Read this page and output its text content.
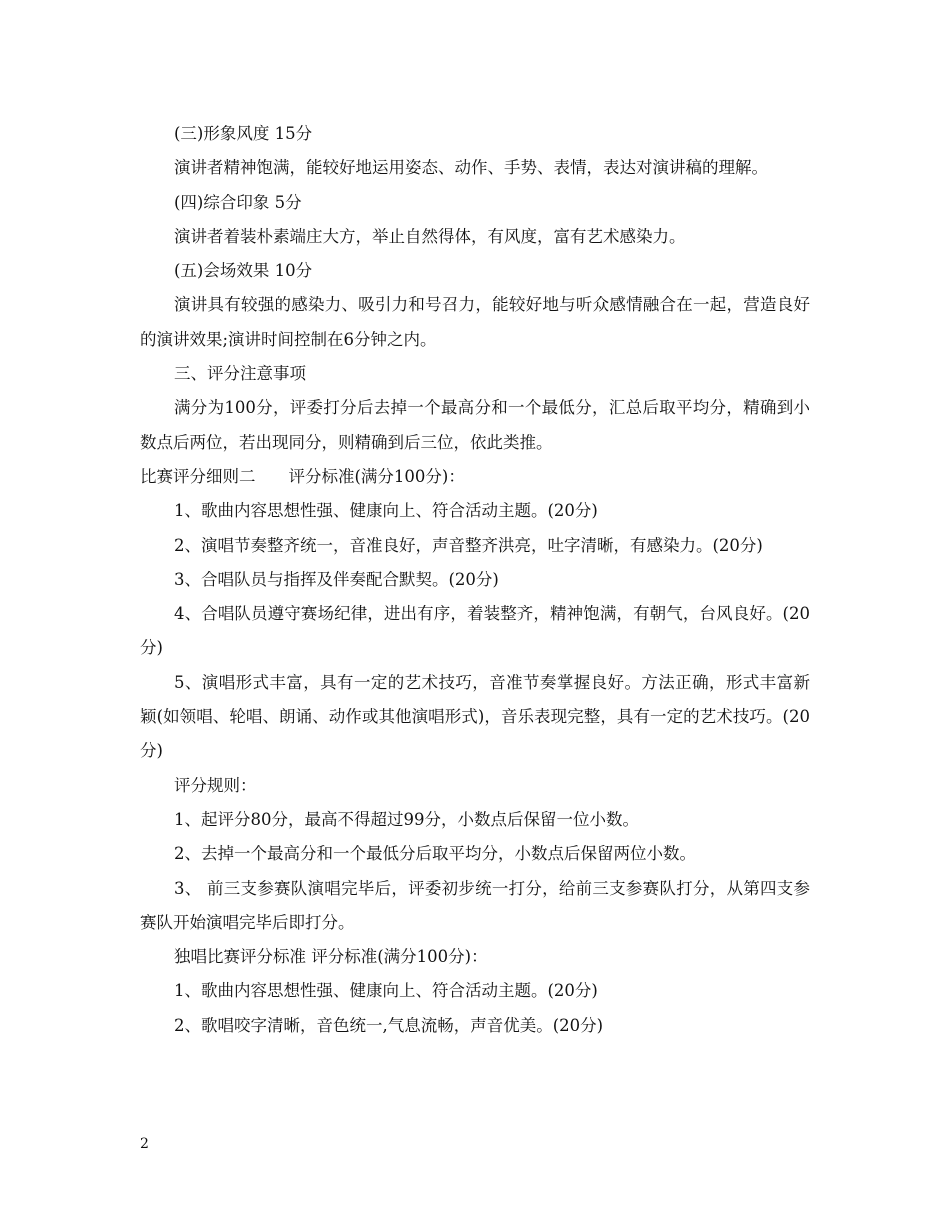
(三)形象风度 15分

演讲者精神饱满，能较好地运用姿态、动作、手势、表情，表达对演讲稿的理解。

(四)综合印象 5分

演讲者着装朴素端庄大方，举止自然得体，有风度，富有艺术感染力。

(五)会场效果 10分

演讲具有较强的感染力、吸引力和号召力，能较好地与听众感情融合在一起，营造良好的演讲效果;演讲时间控制在6分钟之内。

三、评分注意事项

满分为100分，评委打分后去掉一个最高分和一个最低分，汇总后取平均分，精确到小数点后两位，若出现同分，则精确到后三位，依此类推。

比赛评分细则二　　评分标准(满分100分)：

1、歌曲内容思想性强、健康向上、符合活动主题。(20分)

2、演唱节奏整齐统一，音准良好，声音整齐洪亮，吐字清晰，有感染力。(20分)

3、合唱队员与指挥及伴奏配合默契。(20分)

4、合唱队员遵守赛场纪律，进出有序，着装整齐，精神饱满，有朝气，台风良好。(20分)

5、演唱形式丰富，具有一定的艺术技巧，音准节奏掌握良好。方法正确，形式丰富新颖(如领唱、轮唱、朗诵、动作或其他演唱形式)，音乐表现完整，具有一定的艺术技巧。(20分)

评分规则：

1、起评分80分，最高不得超过99分，小数点后保留一位小数。

2、去掉一个最高分和一个最低分后取平均分，小数点后保留两位小数。

3、 前三支参赛队演唱完毕后，评委初步统一打分，给前三支参赛队打分，从第四支参赛队开始演唱完毕后即打分。

独唱比赛评分标准 评分标准(满分100分)：

1、歌曲内容思想性强、健康向上、符合活动主题。(20分)

2、歌唱咬字清晰，音色统一,气息流畅，声音优美。(20分)

2
